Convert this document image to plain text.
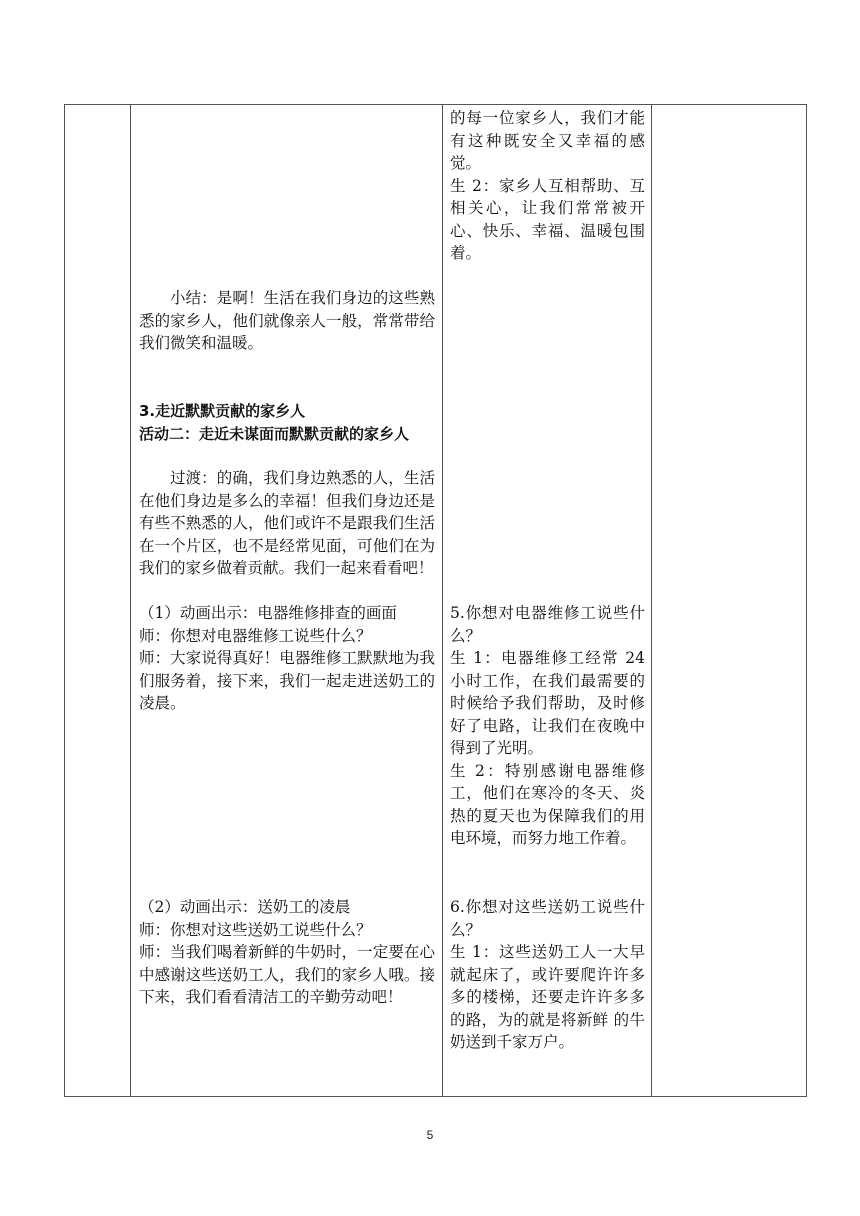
小结：是啊！生活在我们身边的这些熟悉的家乡人，他们就像亲人一般，常常带给我们微笑和温暖。

3.走近默默贡献的家乡人

活动二：走近未谋面而默默贡献的家乡人

过渡：的确，我们身边熟悉的人，生活在他们身边是多么的幸福！但我们身边还是有些不熟悉的人，他们或许不是跟我们生活在一个片区，也不是经常见面，可他们在为我们的家乡做着贡献。我们一起来看看吧！

（1）动画出示：电器维修排查的画面

师：你想对电器维修工说些什么？

师：大家说得真好！电器维修工默默地为我们服务着，接下来，我们一起走进送奶工的凌晨。

（2）动画出示：送奶工的凌晨

师：你想对这些送奶工说些什么？

师：当我们喝着新鲜的牛奶时，一定要在心中感谢这些送奶工人，我们的家乡人哦。接下来，我们看看清洁工的辛勤劳动吧！

的每一位家乡人，我们才能有这种既安全又幸福的感觉。

生 2：家乡人互相帮助、互相关心，让我们常常被开心、快乐、幸福、温暖包围着。

5.你想对电器维修工说些什么？

生 1：电器维修工经常 24 小时工作，在我们最需要的时候给予我们帮助，及时修好了电路，让我们在夜晚中得到了光明。

生 2：特别感谢电器维修工，他们在寒冷的冬天、炎热的夏天也为保障我们的用电环境，而努力地工作着。

6.你想对这些送奶工说些什么？

生 1：这些送奶工人一大早就起床了，或许要爬许许多多的楼梯，还要走许许多多的路，为的就是将新鲜 的牛奶送到千家万户。

5
